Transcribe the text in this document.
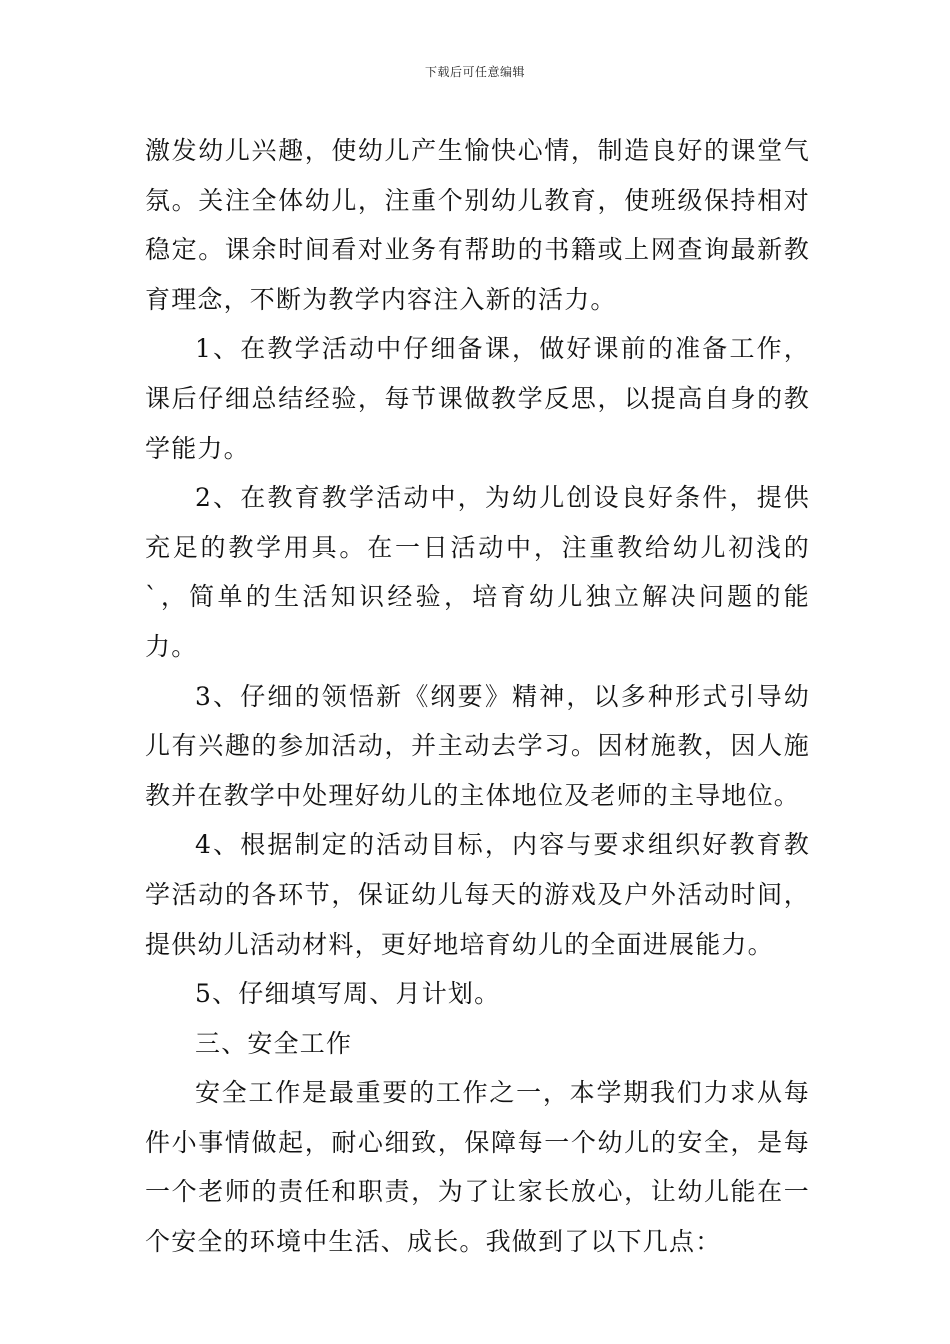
下载后可任意编辑

激发幼儿兴趣，使幼儿产生愉快心情，制造良好的课堂气氛。关注全体幼儿，注重个别幼儿教育，使班级保持相对稳定。课余时间看对业务有帮助的书籍或上网查询最新教育理念，不断为教学内容注入新的活力。

1、在教学活动中仔细备课，做好课前的准备工作，课后仔细总结经验，每节课做教学反思，以提高自身的教学能力。

2、在教育教学活动中，为幼儿创设良好条件，提供充足的教学用具。在一日活动中，注重教给幼儿初浅的`，简单的生活知识经验，培育幼儿独立解决问题的能力。

3、仔细的领悟新《纲要》精神，以多种形式引导幼儿有兴趣的参加活动，并主动去学习。因材施教，因人施教并在教学中处理好幼儿的主体地位及老师的主导地位。

4、根据制定的活动目标，内容与要求组织好教育教学活动的各环节，保证幼儿每天的游戏及户外活动时间，提供幼儿活动材料，更好地培育幼儿的全面进展能力。

5、仔细填写周、月计划。

三、安全工作

安全工作是最重要的工作之一，本学期我们力求从每件小事情做起，耐心细致，保障每一个幼儿的安全，是每一个老师的责任和职责，为了让家长放心，让幼儿能在一个安全的环境中生活、成长。我做到了以下几点：
